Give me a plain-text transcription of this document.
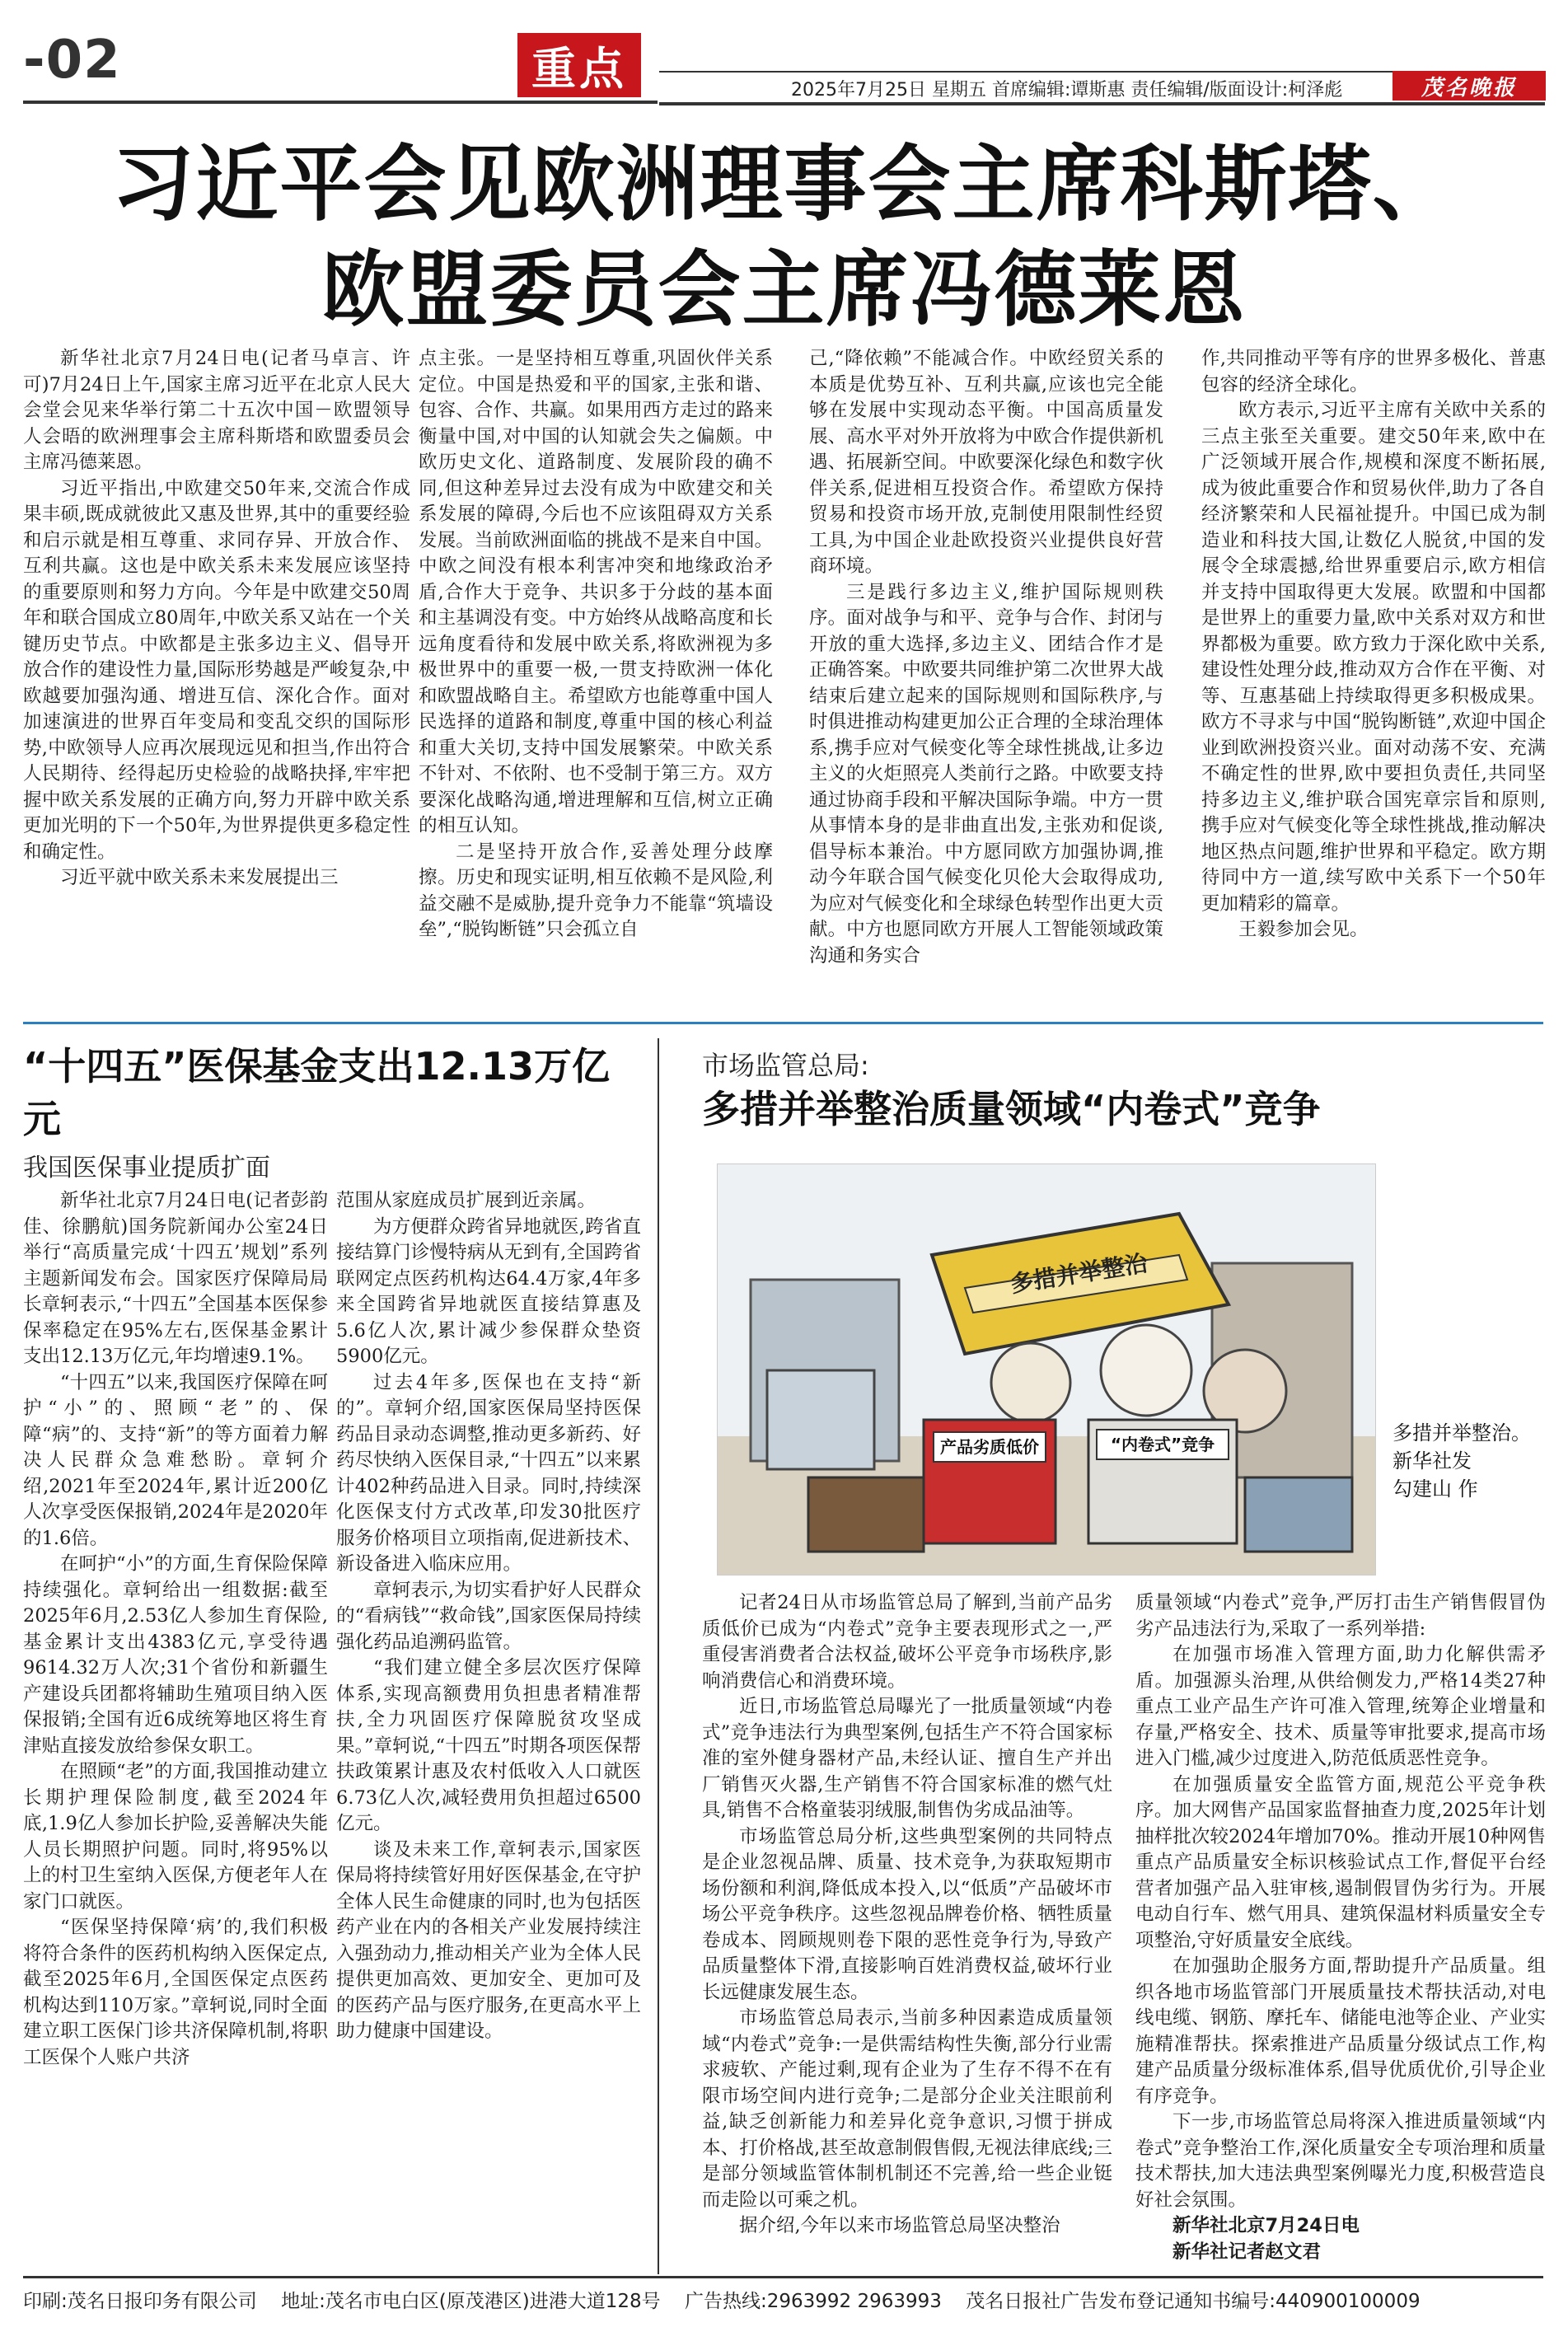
-02	重点	2025年7月25日 星期五 首席编辑:谭斯惠 责任编辑/版面设计:柯泽彪	茂名晚报
习近平会见欧洲理事会主席科斯塔、
欧盟委员会主席冯德莱恩

新华社北京7月24日电(记者马卓言、许可)7月24日上午,国家主席习近平在北京人民大会堂会见来华举行第二十五次中国－欧盟领导人会晤的欧洲理事会主席科斯塔和欧盟委员会主席冯德莱恩。

习近平指出,中欧建交50年来,交流合作成果丰硕,既成就彼此又惠及世界,其中的重要经验和启示就是相互尊重、求同存异、开放合作、互利共赢。这也是中欧关系未来发展应该坚持的重要原则和努力方向。今年是中欧建交50周年和联合国成立80周年,中欧关系又站在一个关键历史节点。中欧都是主张多边主义、倡导开放合作的建设性力量,国际形势越是严峻复杂,中欧越要加强沟通、增进互信、深化合作。面对加速演进的世界百年变局和变乱交织的国际形势,中欧领导人应再次展现远见和担当,作出符合人民期待、经得起历史检验的战略抉择,牢牢把握中欧关系发展的正确方向,努力开辟中欧关系更加光明的下一个50年,为世界提供更多稳定性和确定性。

习近平就中欧关系未来发展提出三

点主张。一是坚持相互尊重,巩固伙伴关系定位。中国是热爱和平的国家,主张和谐、包容、合作、共赢。如果用西方走过的路来衡量中国,对中国的认知就会失之偏颇。中欧历史文化、道路制度、发展阶段的确不同,但这种差异过去没有成为中欧建交和关系发展的障碍,今后也不应该阻碍双方关系发展。当前欧洲面临的挑战不是来自中国。中欧之间没有根本利害冲突和地缘政治矛盾,合作大于竞争、共识多于分歧的基本面和主基调没有变。中方始终从战略高度和长远角度看待和发展中欧关系,将欧洲视为多极世界中的重要一极,一贯支持欧洲一体化和欧盟战略自主。希望欧方也能尊重中国人民选择的道路和制度,尊重中国的核心利益和重大关切,支持中国发展繁荣。中欧关系不针对、不依附、也不受制于第三方。双方要深化战略沟通,增进理解和互信,树立正确的相互认知。

二是坚持开放合作,妥善处理分歧摩擦。历史和现实证明,相互依赖不是风险,利益交融不是威胁,提升竞争力不能靠“筑墙设垒”,“脱钩断链”只会孤立自

己,“降依赖”不能减合作。中欧经贸关系的本质是优势互补、互利共赢,应该也完全能够在发展中实现动态平衡。中国高质量发展、高水平对外开放将为中欧合作提供新机遇、拓展新空间。中欧要深化绿色和数字伙伴关系,促进相互投资合作。希望欧方保持贸易和投资市场开放,克制使用限制性经贸工具,为中国企业赴欧投资兴业提供良好营商环境。

三是践行多边主义,维护国际规则秩序。面对战争与和平、竞争与合作、封闭与开放的重大选择,多边主义、团结合作才是正确答案。中欧要共同维护第二次世界大战结束后建立起来的国际规则和国际秩序,与时俱进推动构建更加公正合理的全球治理体系,携手应对气候变化等全球性挑战,让多边主义的火炬照亮人类前行之路。中欧要支持通过协商手段和平解决国际争端。中方一贯从事情本身的是非曲直出发,主张劝和促谈,倡导标本兼治。中方愿同欧方加强协调,推动今年联合国气候变化贝伦大会取得成功,为应对气候变化和全球绿色转型作出更大贡献。中方也愿同欧方开展人工智能领域政策沟通和务实合

作,共同推动平等有序的世界多极化、普惠包容的经济全球化。

欧方表示,习近平主席有关欧中关系的三点主张至关重要。建交50年来,欧中在广泛领域开展合作,规模和深度不断拓展,成为彼此重要合作和贸易伙伴,助力了各自经济繁荣和人民福祉提升。中国已成为制造业和科技大国,让数亿人脱贫,中国的发展令全球震撼,给世界重要启示,欧方相信并支持中国取得更大发展。欧盟和中国都是世界上的重要力量,欧中关系对双方和世界都极为重要。欧方致力于深化欧中关系,建设性处理分歧,推动双方合作在平衡、对等、互惠基础上持续取得更多积极成果。欧方不寻求与中国“脱钩断链”,欢迎中国企业到欧洲投资兴业。面对动荡不安、充满不确定性的世界,欧中要担负责任,共同坚持多边主义,维护联合国宪章宗旨和原则,携手应对气候变化等全球性挑战,推动解决地区热点问题,维护世界和平稳定。欧方期待同中方一道,续写欧中关系下一个50年更加精彩的篇章。

王毅参加会见。

“十四五”医保基金支出12.13万亿元
我国医保事业提质扩面

新华社北京7月24日电(记者彭韵佳、徐鹏航)国务院新闻办公室24日举行“高质量完成‘十四五’规划”系列主题新闻发布会。国家医疗保障局局长章轲表示,“十四五”全国基本医保参保率稳定在95%左右,医保基金累计支出12.13万亿元,年均增速9.1%。

“十四五”以来,我国医疗保障在呵护“小”的、照顾“老”的、保障“病”的、支持“新”的等方面着力解决人民群众急难愁盼。章轲介绍,2021年至2024年,累计近200亿人次享受医保报销,2024年是2020年的1.6倍。

在呵护“小”的方面,生育保险保障持续强化。章轲给出一组数据:截至2025年6月,2.53亿人参加生育保险,基金累计支出4383亿元,享受待遇9614.32万人次;31个省份和新疆生产建设兵团都将辅助生殖项目纳入医保报销;全国有近6成统筹地区将生育津贴直接发放给参保女职工。

在照顾“老”的方面,我国推动建立长期护理保险制度,截至2024年底,1.9亿人参加长护险,妥善解决失能人员长期照护问题。同时,将95%以上的村卫生室纳入医保,方便老年人在家门口就医。

“医保坚持保障‘病’的,我们积极将符合条件的医药机构纳入医保定点,截至2025年6月,全国医保定点医药机构达到110万家。”章轲说,同时全面建立职工医保门诊共济保障机制,将职工医保个人账户共济

范围从家庭成员扩展到近亲属。

为方便群众跨省异地就医,跨省直接结算门诊慢特病从无到有,全国跨省联网定点医药机构达64.4万家,4年多来全国跨省异地就医直接结算惠及5.6亿人次,累计减少参保群众垫资5900亿元。

过去4年多,医保也在支持“新的”。章轲介绍,国家医保局坚持医保药品目录动态调整,推动更多新药、好药尽快纳入医保目录,“十四五”以来累计402种药品进入目录。同时,持续深化医保支付方式改革,印发30批医疗服务价格项目立项指南,促进新技术、新设备进入临床应用。

章轲表示,为切实看护好人民群众的“看病钱”“救命钱”,国家医保局持续强化药品追溯码监管。

“我们建立健全多层次医疗保障体系,实现高额费用负担患者精准帮扶,全力巩固医疗保障脱贫攻坚成果。”章轲说,“十四五”时期各项医保帮扶政策累计惠及农村低收入人口就医6.73亿人次,减轻费用负担超过6500亿元。

谈及未来工作,章轲表示,国家医保局将持续管好用好医保基金,在守护全体人民生命健康的同时,也为包括医药产业在内的各相关产业发展持续注入强劲动力,推动相关产业为全体人民提供更加高效、更加安全、更加可及的医药产品与医疗服务,在更高水平上助力健康中国建设。

市场监管总局:
多措并举整治质量领域“内卷式”竞争
多措并举整治
产品劣质低价	“内卷式”竞争	多措并举整治。
新华社发
勾建山 作

记者24日从市场监管总局了解到,当前产品劣质低价已成为“内卷式”竞争主要表现形式之一,严重侵害消费者合法权益,破坏公平竞争市场秩序,影响消费信心和消费环境。

近日,市场监管总局曝光了一批质量领域“内卷式”竞争违法行为典型案例,包括生产不符合国家标准的室外健身器材产品,未经认证、擅自生产并出厂销售灭火器,生产销售不符合国家标准的燃气灶具,销售不合格童装羽绒服,制售伪劣成品油等。

市场监管总局分析,这些典型案例的共同特点是企业忽视品牌、质量、技术竞争,为获取短期市场份额和利润,降低成本投入,以“低质”产品破坏市场公平竞争秩序。这些忽视品牌卷价格、牺牲质量卷成本、罔顾规则卷下限的恶性竞争行为,导致产品质量整体下滑,直接影响百姓消费权益,破坏行业长远健康发展生态。

市场监管总局表示,当前多种因素造成质量领域“内卷式”竞争:一是供需结构性失衡,部分行业需求疲软、产能过剩,现有企业为了生存不得不在有限市场空间内进行竞争;二是部分企业关注眼前利益,缺乏创新能力和差异化竞争意识,习惯于拼成本、打价格战,甚至故意制假售假,无视法律底线;三是部分领域监管体制机制还不完善,给一些企业铤而走险以可乘之机。

据介绍,今年以来市场监管总局坚决整治

质量领域“内卷式”竞争,严厉打击生产销售假冒伪劣产品违法行为,采取了一系列举措:

在加强市场准入管理方面,助力化解供需矛盾。加强源头治理,从供给侧发力,严格14类27种重点工业产品生产许可准入管理,统筹企业增量和存量,严格安全、技术、质量等审批要求,提高市场进入门槛,减少过度进入,防范低质恶性竞争。

在加强质量安全监管方面,规范公平竞争秩序。加大网售产品国家监督抽查力度,2025年计划抽样批次较2024年增加70%。推动开展10种网售重点产品质量安全标识核验试点工作,督促平台经营者加强产品入驻审核,遏制假冒伪劣行为。开展电动自行车、燃气用具、建筑保温材料质量安全专项整治,守好质量安全底线。

在加强助企服务方面,帮助提升产品质量。组织各地市场监管部门开展质量技术帮扶活动,对电线电缆、钢筋、摩托车、储能电池等企业、产业实施精准帮扶。探索推进产品质量分级试点工作,构建产品质量分级标准体系,倡导优质优价,引导企业有序竞争。

下一步,市场监管总局将深入推进质量领域“内卷式”竞争整治工作,深化质量安全专项治理和质量技术帮扶,加大违法典型案例曝光力度,积极营造良好社会氛围。

新华社北京7月24日电

新华社记者赵文君

印刷:茂名日报印务有限公司 地址:茂名市电白区(原茂港区)进港大道128号 广告热线:2963992 2963993 茂名日报社广告发布登记通知书编号:440900100009
